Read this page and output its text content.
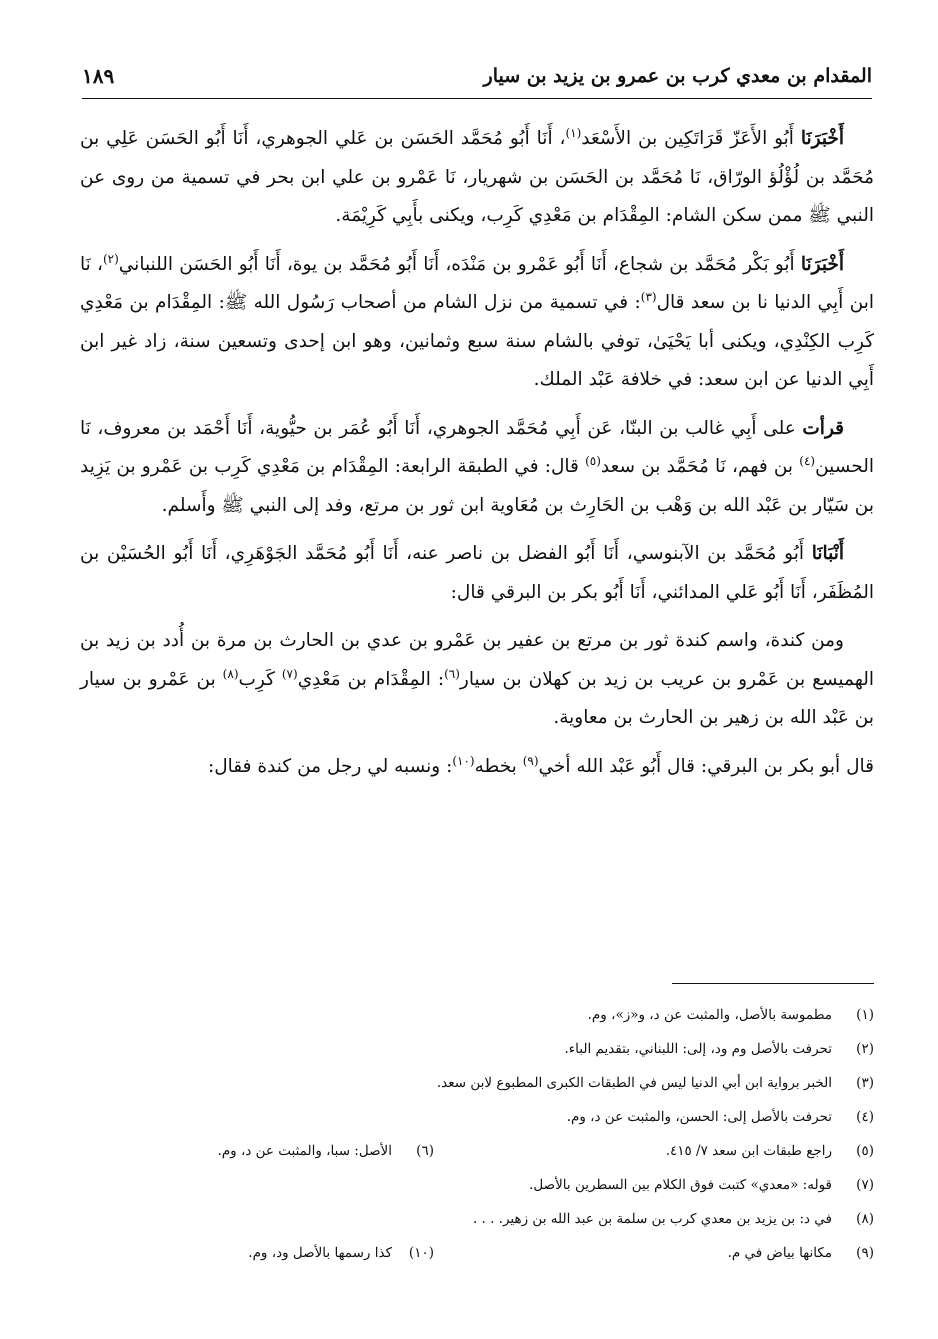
المقدام بن معدي كرب بن عمرو بن يزيد بن سيار
١٨٩

أَخْبَرَنَا أَبُو الأَعَزّ قَرَاتَكِين بن الأَسْعَد$^{(١)}$، أَنَا أَبُو مُحَمَّد الحَسَن بن عَلي الجوهري، أَنَا أَبُو الحَسَن عَلِي بن مُحَمَّد بن لُؤْلُؤ الورّاق، نَا مُحَمَّد بن الحَسَن بن شهريار، نَا عَمْرو بن علي ابن بحر في تسمية من روى عن النبي ﷺ ممن سكن الشام: المِقْدَام بن مَعْدِي كَرِب، ويكنى بأَبِي كَرِيْمَة.

أَخْبَرَنَا أَبُو بَكْر مُحَمَّد بن شجاع، أَنَا أَبُو عَمْرو بن مَنْدَه، أَنَا أَبُو مُحَمَّد بن يوة، أَنَا أَبُو الحَسَن اللنباني$^{(٢)}$، نَا ابن أَبِي الدنيا نا بن سعد قال$^{(٣)}$: في تسمية من نزل الشام من أصحاب رَسُول الله ﷺ: المِقْدَام بن مَعْدِي كَرِب الكِنْدِي، ويكنى أبا يَحْيَىٰ، توفي بالشام سنة سبع وثمانين، وهو ابن إحدى وتسعين سنة، زاد غير ابن أَبِي الدنيا عن ابن سعد: في خلافة عَبْد الملك.

قرأت على أَبِي غالب بن البنّا، عَن أَبِي مُحَمَّد الجوهري، أَنَا أَبُو عُمَر بن حيُّوية، أَنَا أَحْمَد بن معروف، نَا الحسين$^{(٤)}$ بن فهم، نَا مُحَمَّد بن سعد$^{(٥)}$ قال: في الطبقة الرابعة: المِقْدَام بن مَعْدِي كَرِب بن عَمْرو بن يَزِيد بن سَيّار بن عَبْد الله بن وَهْب بن الحَارِث بن مُعَاوية ابن ثور بن مرتع، وفد إلى النبي ﷺ وأَسلم.

أَنْبَانَا أَبُو مُحَمَّد بن الآبنوسي، أَنَا أَبُو الفضل بن ناصر عنه، أَنَا أَبُو مُحَمَّد الجَوْهَرِي، أَنَا أَبُو الحُسَيْن بن المُظَفَر، أَنَا أَبُو عَلي المدائني، أَنَا أَبُو بكر بن البرقي قال:

ومن كندة، واسم كندة ثور بن مرتع بن عفير بن عَمْرو بن عدي بن الحارث بن مرة بن أُدد بن زيد بن الهميسع بن عَمْرو بن عريب بن زيد بن كهلان بن سيار$^{(٦)}$: المِقْدَام بن مَعْدِي$^{(٧)}$ كَرِب$^{(٨)}$ بن عَمْرو بن سيار بن عَبْد الله بن زهير بن الحارث بن معاوية.

قال أبو بكر بن البرقي: قال أَبُو عَبْد الله أخي$^{(٩)}$ بخطه$^{(١٠)}$: ونسبه لي رجل من كندة فقال:

(١)
مطموسة بالأصل، والمثبت عن د، و«ز»، وم.
(٢)
تحرفت بالأصل وم ود، إلى: اللبناني، بتقديم الباء.
(٣)
الخبر برواية ابن أبي الدنيا ليس في الطبقات الكبرى المطبوع لابن سعد.
(٤)
تحرفت بالأصل إلى: الحسن، والمثبت عن د، وم.
(٥)
راجع طبقات ابن سعد ٧/ ٤١٥.
(٦)
الأصل: سبا، والمثبت عن د، وم.
(٧)
قوله: «معدي» كتبت فوق الكلام بين السطرين بالأصل.
(٨)
في د: بن يزيد بن معدي كرب بن سلمة بن عبد الله بن زهير. . . .
(٩)
مكانها بياض في م.
(١٠)
كذا رسمها بالأصل ود، وم.
